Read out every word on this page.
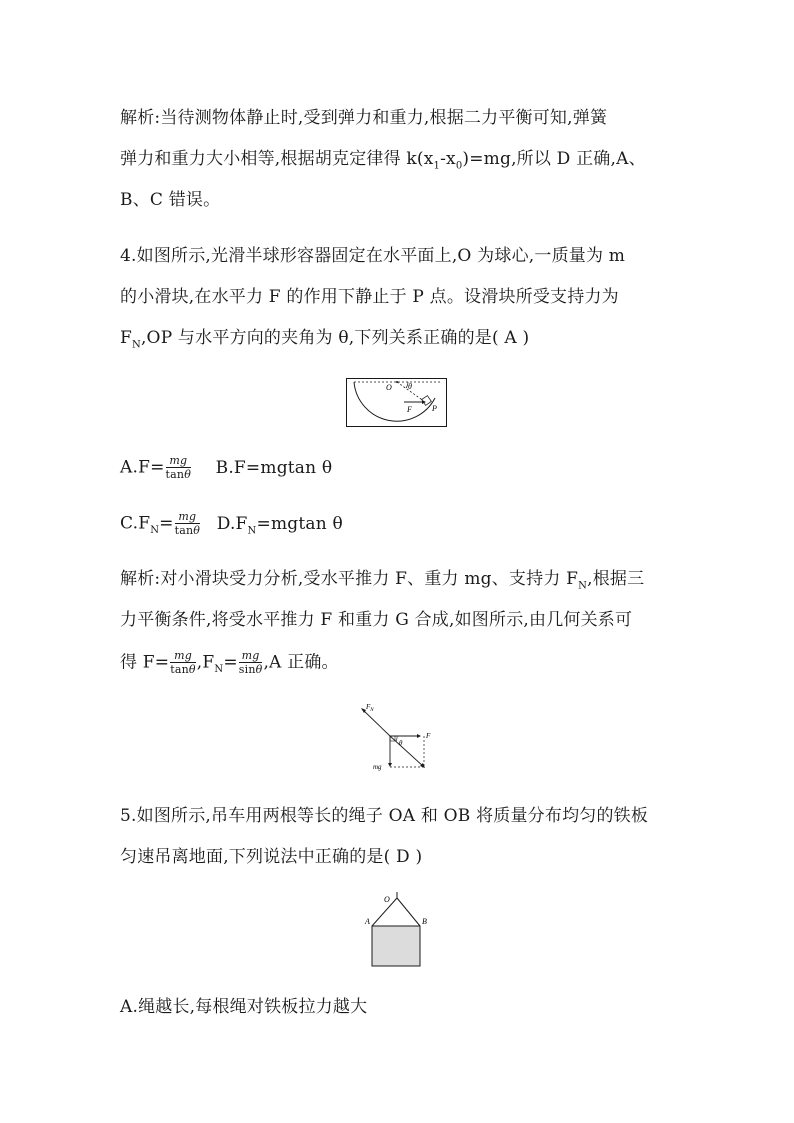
解析:当待测物体静止时,受到弹力和重力,根据二力平衡可知,弹簧
弹力和重力大小相等,根据胡克定律得 $k(x_1-x_0)=mg$,所以 D 正确,A、
B、C 错误。
4.如图所示,光滑半球形容器固定在水平面上,O 为球心,一质量为 m
的小滑块,在水平力 F 的作用下静止于 P 点。设滑块所受支持力为
$F_N,OP$ 与水平方向的夹角为 θ,下列关系正确的是( A )
O θ
F	P
$A.F= \frac{mg}{\tan\theta} B.F=mgtan$ θ
$C.F_N= \frac{mg}{\tan\theta} D.F_N=mgtan$ θ
解析:对小滑块受力分析,受水平推力 F、重力 mg、支持力 $F_N$,根据三
力平衡条件,将受水平推力 F 和重力 G 合成,如图所示,由几何关系可
得 $F= \frac{mg}{\tan\theta} ,F_N= \frac{mg}{\sin\theta} ,A$ 正确。
$F_N$
θ
F
mg
5.如图所示,吊车用两根等长的绳子 OA 和 OB 将质量分布均匀的铁板
匀速吊离地面,下列说法中正确的是( D )
O
A	B
A.绳越长,每根绳对铁板拉力越大
